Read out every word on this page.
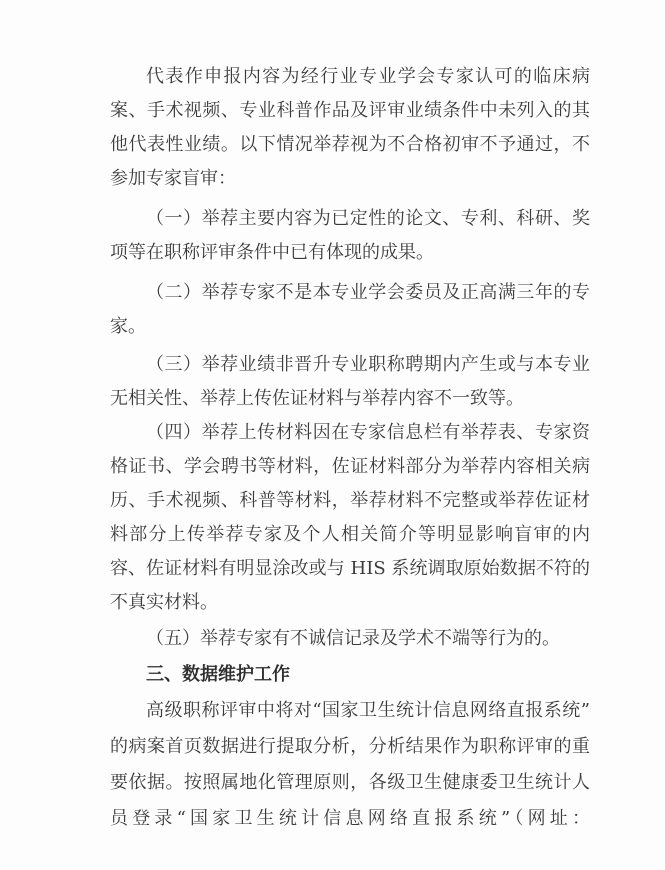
代表作申报内容为经行业专业学会专家认可的临床病
案、手术视频、专业科普作品及评审业绩条件中未列入的其
他代表性业绩。以下情况举荐视为不合格初审不予通过，不
参加专家盲审：
（一）举荐主要内容为已定性的论文、专利、科研、奖
项等在职称评审条件中已有体现的成果。
（二）举荐专家不是本专业学会委员及正高满三年的专
家。
（三）举荐业绩非晋升专业职称聘期内产生或与本专业
无相关性、举荐上传佐证材料与举荐内容不一致等。
（四）举荐上传材料因在专家信息栏有举荐表、专家资
格证书、学会聘书等材料，佐证材料部分为举荐内容相关病
历、手术视频、科普等材料，举荐材料不完整或举荐佐证材
料部分上传举荐专家及个人相关简介等明显影响盲审的内
容、佐证材料有明显涂改或与 HIS 系统调取原始数据不符的
不真实材料。
（五）举荐专家有不诚信记录及学术不端等行为的。
三、数据维护工作
高级职称评审中将对“国家卫生统计信息网络直报系统”
的病案首页数据进行提取分析，分析结果作为职称评审的重
要依据。按照属地化管理原则，各级卫生健康委卫生统计人
员登录“国家卫生统计信息网络直报系统”（网址：
